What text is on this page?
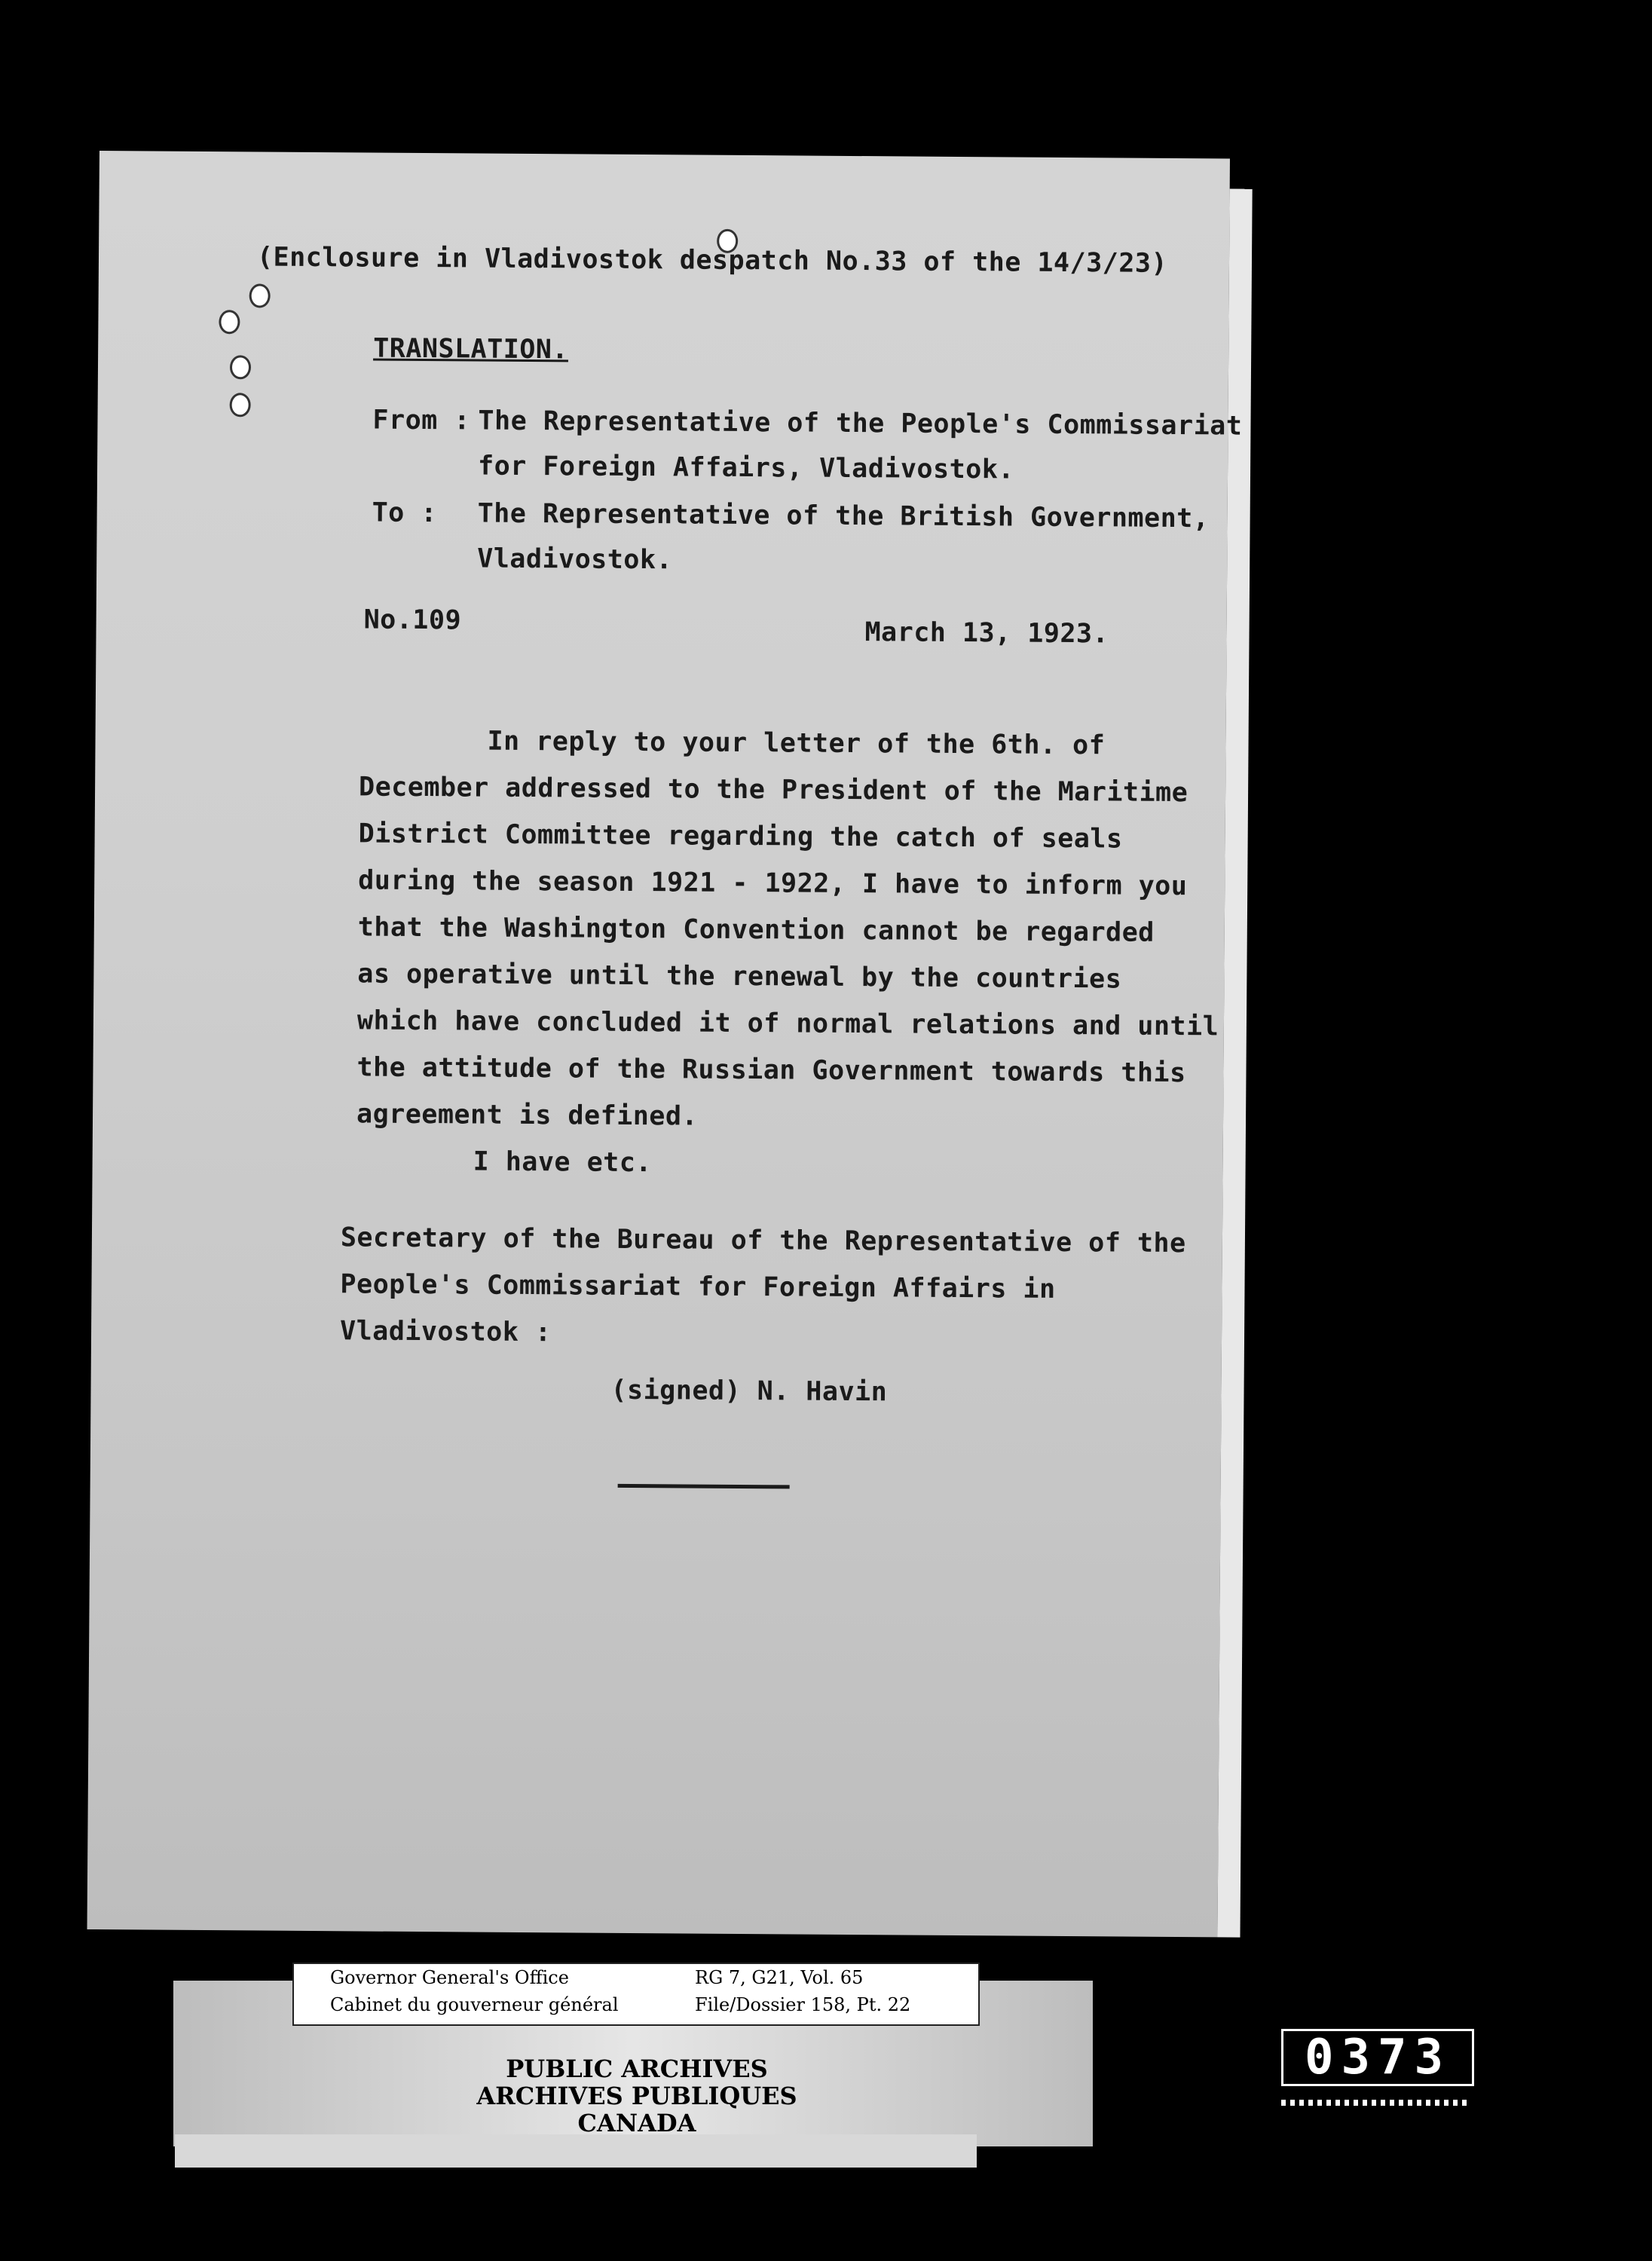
(Enclosure in Vladivostok despatch No.33 of the 14/3/23)
TRANSLATION.
From : The Representative of the People's Commissariat
for Foreign Affairs, Vladivostok.
To : The Representative of the British Government,
Vladivostok.
No.109	March 13, 1923.
In reply to your letter of the 6th. of
December addressed to the President of the Maritime
District Committee regarding the catch of seals
during the season 1921 - 1922, I have to inform you
that the Washington Convention cannot be regarded
as operative until the renewal by the countries
which have concluded it of normal relations and until
the attitude of the Russian Government towards this
agreement is defined.
I have etc.
Secretary of the Bureau of the Representative of the
People's Commissariat for Foreign Affairs in
Vladivostok :
(signed) N. Havin
Governor General's Office
Cabinet du gouverneur général
RG 7, G21, Vol. 65
File/Dossier 158, Pt. 22
PUBLIC ARCHIVES
ARCHIVES PUBLIQUES
CANADA
0373
